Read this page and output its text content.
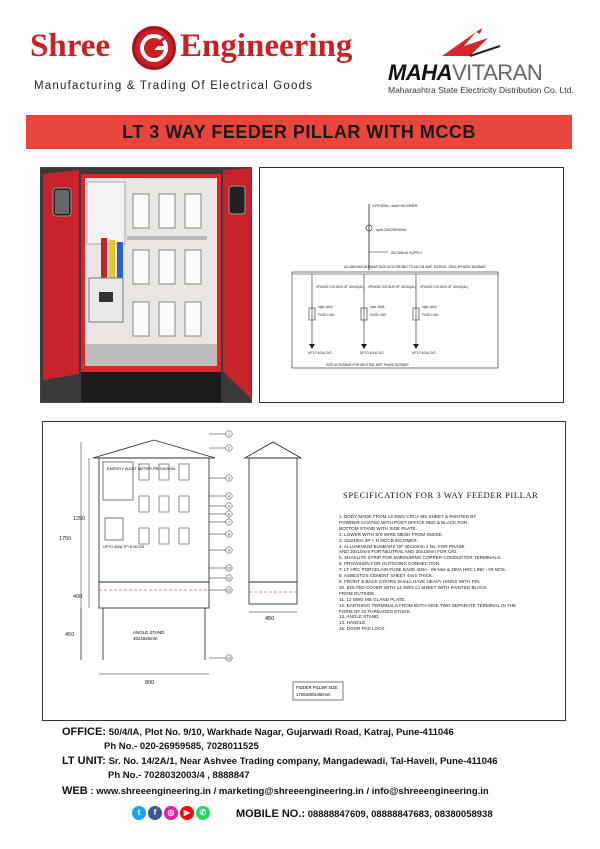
Shree Engineering
Manufacturing & Trading Of Electrical Goods
MAHAVITARAN
Maharashtra State Electricity Distribution Co. Ltd.
LT 3 WAY FEEDER PILLAR WITH MCCB
3-Ph.50Hz, 4wire INCOMER
upto 200/250/400A
INCOMING SUPPLY
ALUMINIUM BUSBAR SIZE ACCORDING TO MCCB AMP. RATING, 25KA 3PHASE BUSBAR
3PHASE O/G BUS OF 30X10(AL) 3PHASE O/G BUS OF 30X10(AL) 3PHASE O/G BUS OF 30X10(AL)
upto 400A	upto 400A	upto 400A
FUSE LINK	FUSE LINK	FUSE LINK
UPTO 400A O/G	UPTO 400A O/G	UPTO 400A O/G
SIZE AL BUSBAR FOR NEUTRAL WRT PHASE BUSBAR
ENERGY AUDIT METER PROVISION
UPTO 400A TP+N MCCB
ANGLE STAND
40x40x5mm
1750
1250
400
450
800
450
1
2
3
4
5
6
7
8
9
10
11
12
13
FIDDER PILLER SIZE
1750x800x450mm
SPECIFICATION FOR 3 WAY FEEDER PILLAR
1. BODY MADE FROM 14 SWG CRCA MS SHEET & PAINTED BY
POWDER COATED WITH POST OFFICE RED & BLACK FOR
BOTTOM STAND WITH SIDE PLATE.
2. LOWER WITH S/S WIRE MESH FROM INSIDE.
3. 315/400A 3P + N MCCB INCOMER.
4. ALLUMINIUM BUSBARS OF 40x10mm 1 No. FOR PHASE
AND 30x10mm FOR NEUTRAL AND 30x10mm FOR O/G.
5. SHAKLITE STRIP FOR SHROUDING COPPER CONDUCTER TERMINALS.
6. PROVISION FOR OUTGOING CONNECTION.
7. LT HRC PORCELAIN FUSE BASE 400A - 09 Nos & 250A HRC LINK - 09 NOS.
8. ASBESTOS CEMENT SHEET 4mm THICK.
9. FRONT & BACK DOORS SHALL HAVE HEAVY HINGS WITH PIN.
10. BOLTED COVER WITH 14 SWG CI SHEET WITH PAINTED BLACK
FROM OUTSIDE.
11. 12 SWG MS GLAND PLATE.
12. EARTHING TERMINALS FROM BOTH SIDE TWO SEPARATE TERMINAL IN THE
FORM OF GI THREADED STUDS.
13. ANGLE STAND.
14. HANDLE
15. DOOR PAD LOCK
OFFICE: 50/4/IA, Plot No. 9/10, Warkhade Nagar, Gujarwadi Road, Katraj, Pune-411046
Ph No.- 020-26959585, 7028011525
LT UNIT: Sr. No. 14/2A/1, Near Ashvee Trading company, Mangadewadi, Tal-Haveli, Pune-411046
Ph No.- 7028032003/4 , 8888847
WEB : www.shreeengineering.in / marketing@shreeengineering.in / info@shreeengineering.in
t	f	◎	▶	✆	MOBILE NO.: 08888847609, 08888847683, 08380058938
